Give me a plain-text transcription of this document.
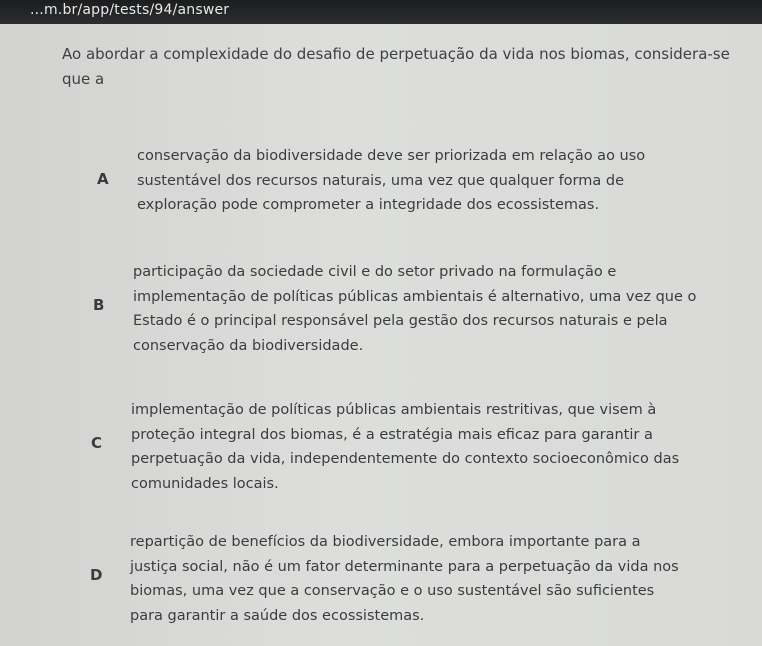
...m.br/app/tests/94/answer
Ao abordar a complexidade do desafio de perpetuação da vida nos biomas, considera-se que a
A
conservação da biodiversidade deve ser priorizada em relação ao uso sustentável dos recursos naturais, uma vez que qualquer forma de exploração pode comprometer a integridade dos ecossistemas.
B
participação da sociedade civil e do setor privado na formulação e implementação de políticas públicas ambientais é alternativo, uma vez que o Estado é o principal responsável pela gestão dos recursos naturais e pela conservação da biodiversidade.
C
implementação de políticas públicas ambientais restritivas, que visem à proteção integral dos biomas, é a estratégia mais eficaz para garantir a perpetuação da vida, independentemente do contexto socioeconômico das comunidades locais.
D
repartição de benefícios da biodiversidade, embora importante para a justiça social, não é um fator determinante para a perpetuação da vida nos biomas, uma vez que a conservação e o uso sustentável são suficientes para garantir a saúde dos ecossistemas.
